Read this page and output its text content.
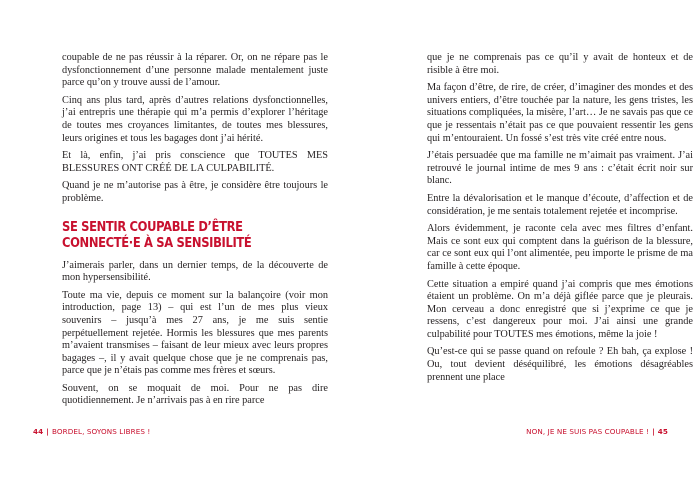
coupable de ne pas réussir à la réparer. Or, on ne répare pas le dysfonctionnement d’une personne malade mentalement juste parce qu’on y trouve aussi de l’amour.

Cinq ans plus tard, après d’autres relations dysfonctionnelles, j’ai entrepris une thérapie qui m’a permis d’explorer l’héritage de toutes mes croyances limitantes, de toutes mes blessures, leurs origines et tous les bagages dont j’ai hérité.

Et là, enfin, j’ai pris conscience que TOUTES MES BLESSURES ONT CRÉÉ DE LA CULPABILITÉ.

Quand je ne m’autorise pas à être, je considère être toujours le problème.

SE SENTIR COUPABLE D’ÊTRE CONNECTÉ·E À SA SENSIBILITÉ

J’aimerais parler, dans un dernier temps, de la découverte de mon hypersensibilité.

Toute ma vie, depuis ce moment sur la balançoire (voir mon introduction, page 13) – qui est l’un de mes plus vieux souvenirs – jusqu’à mes 27 ans, je me suis sentie perpétuellement rejetée. Hormis les blessures que mes parents m’avaient transmises – faisant de leur mieux avec leurs propres bagages –, il y avait quelque chose que je ne comprenais pas, parce que je n’étais pas comme mes frères et sœurs.

Souvent, on se moquait de moi. Pour ne pas dire quotidiennement. Je n’arrivais pas à en rire parce

44 | BORDEL, SOYONS LIBRES !

que je ne comprenais pas ce qu’il y avait de honteux et de risible à être moi.

Ma façon d’être, de rire, de créer, d’imaginer des mondes et des univers entiers, d’être touchée par la nature, les gens tristes, les situations compliquées, la misère, l’art… Je ne savais pas que ce que je ressentais n’était pas ce que pouvaient ressentir les gens qui m’entouraient. Un fossé s’est très vite créé entre nous.

J’étais persuadée que ma famille ne m’aimait pas vraiment. J’ai retrouvé le journal intime de mes 9 ans : c’était écrit noir sur blanc.

Entre la dévalorisation et le manque d’écoute, d’affection et de considération, je me sentais totalement rejetée et incomprise.

Alors évidemment, je raconte cela avec mes filtres d’enfant. Mais ce sont eux qui comptent dans la guérison de la blessure, car ce sont eux qui l’ont alimentée, peu importe le prisme de ma famille à cette époque.

Cette situation a empiré quand j’ai compris que mes émotions étaient un problème. On m’a déjà giflée parce que je pleurais. Mon cerveau a donc enregistré que si j’exprime ce que je ressens, c’est dangereux pour moi. J’ai ainsi une grande culpabilité pour TOUTES mes émotions, même la joie !

Qu’est-ce qui se passe quand on refoule ? Eh bah, ça explose ! Ou, tout devient déséquilibré, les émotions désagréables prennent une place

NON, JE NE SUIS PAS COUPABLE ! | 45
